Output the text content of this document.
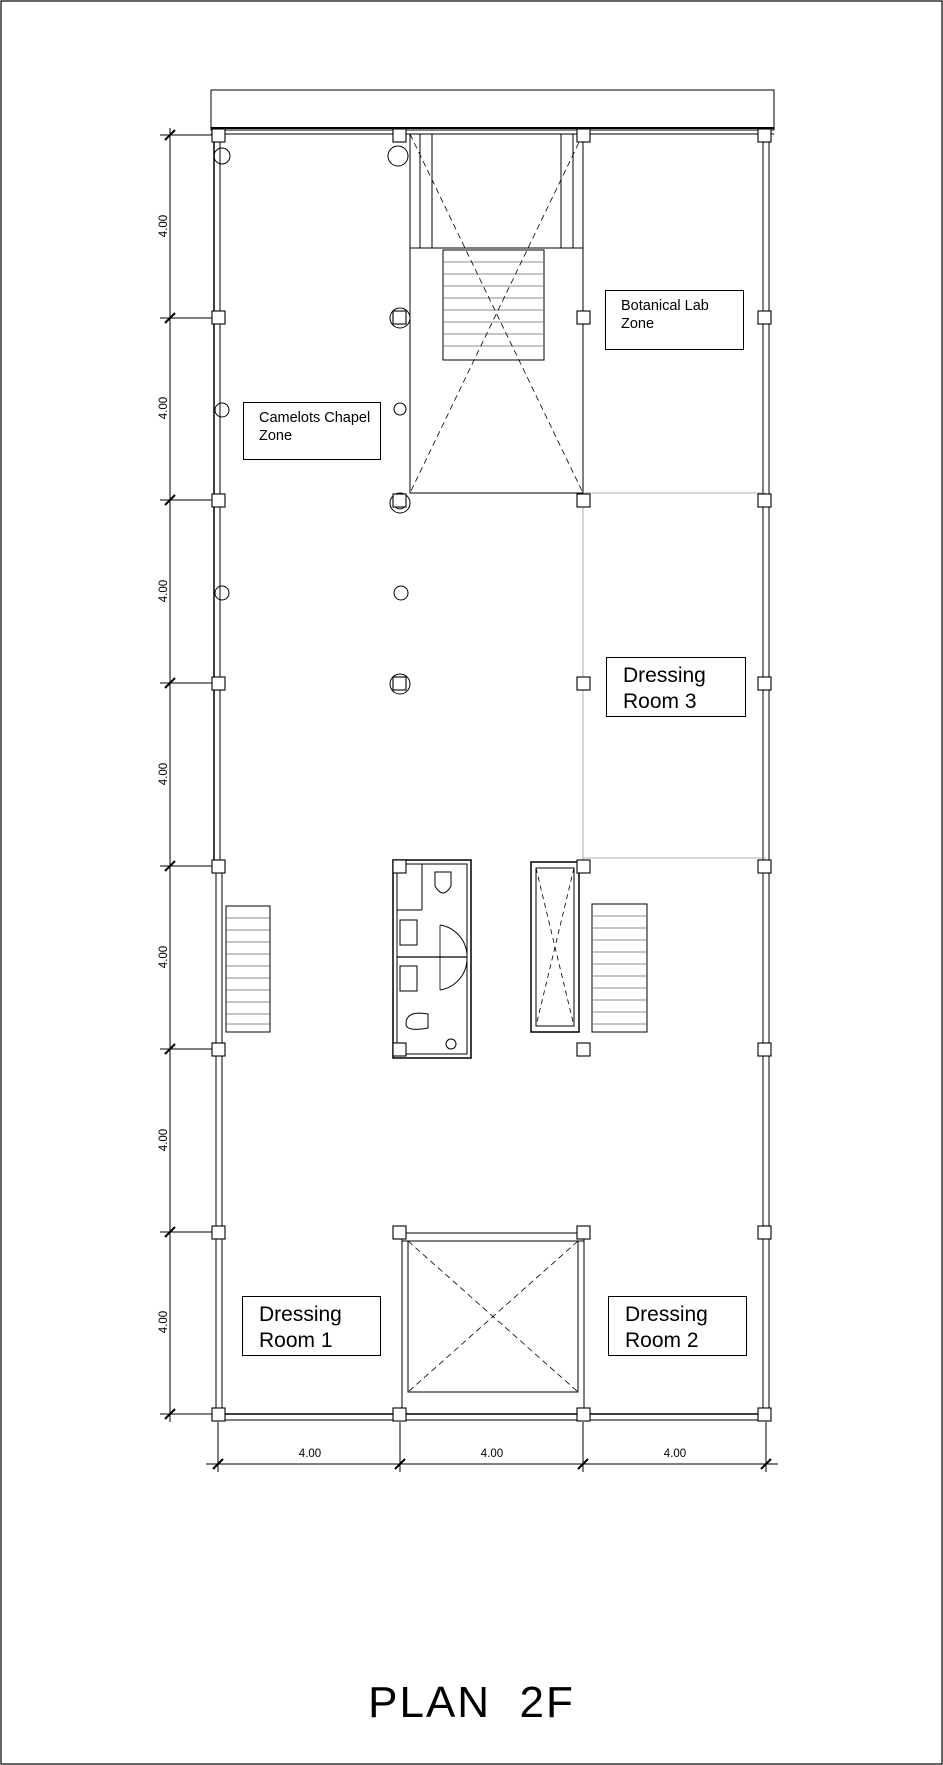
Camelots Chapel
Zone
Botanical Lab
Zone
Dressing
Room 3
Dressing
Room 1
Dressing
Room 2
4.00
4.00
4.00
4.00
4.00
4.00
4.00
4.00	4.00	4.00
PLAN  2F
